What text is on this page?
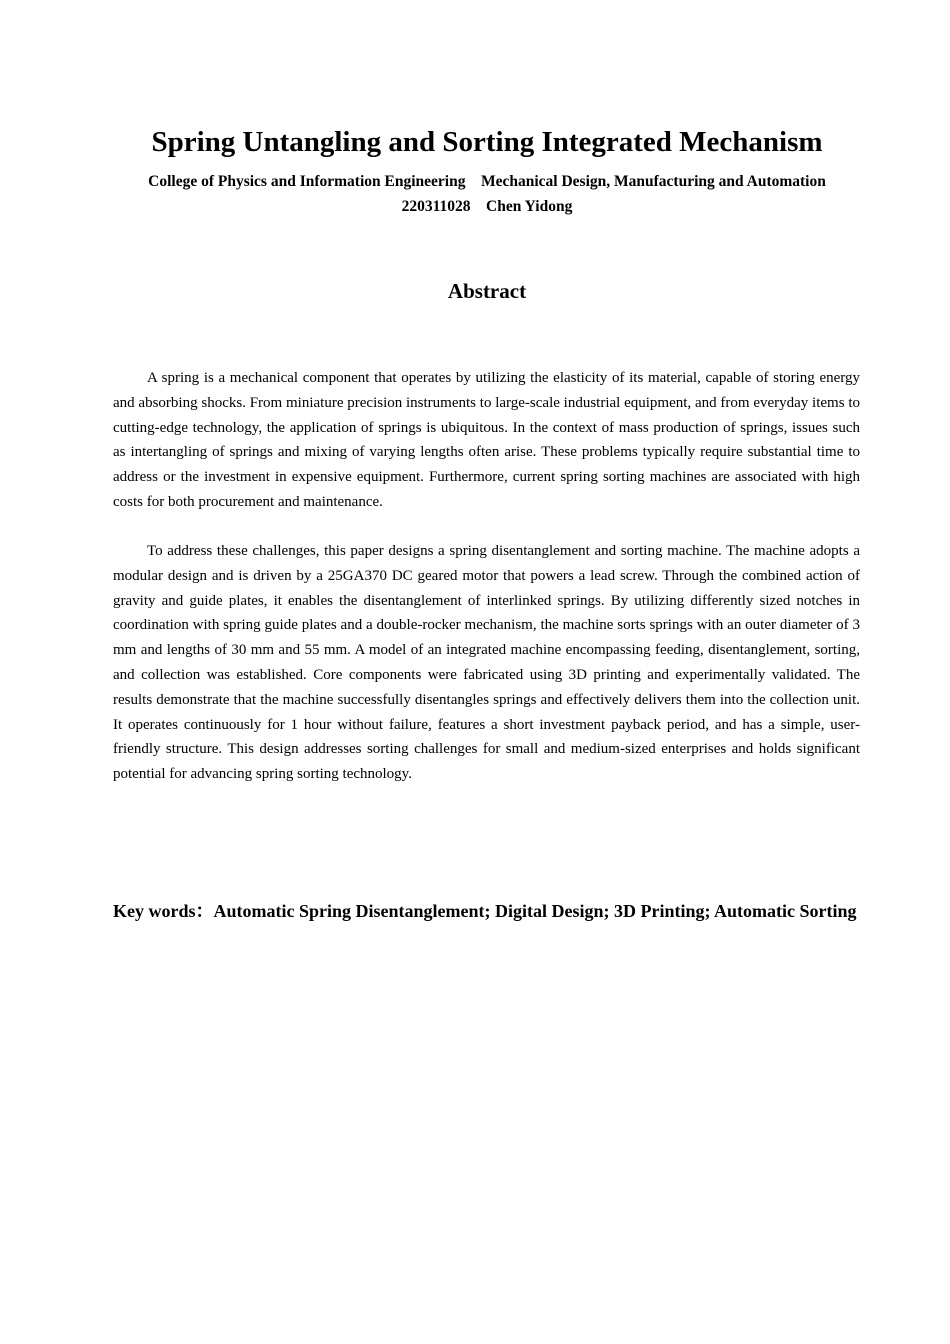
Spring Untangling and Sorting Integrated Mechanism
College of Physics and Information Engineering    Mechanical Design, Manufacturing and Automation
220311028    Chen Yidong
Abstract

A spring is a mechanical component that operates by utilizing the elasticity of its material, capable of storing energy and absorbing shocks. From miniature precision instruments to large-scale industrial equipment, and from everyday items to cutting-edge technology, the application of springs is ubiquitous. In the context of mass production of springs, issues such as intertangling of springs and mixing of varying lengths often arise. These problems typically require substantial time to address or the investment in expensive equipment. Furthermore, current spring sorting machines are associated with high costs for both procurement and maintenance.

To address these challenges, this paper designs a spring disentanglement and sorting machine. The machine adopts a modular design and is driven by a 25GA370 DC geared motor that powers a lead screw. Through the combined action of gravity and guide plates, it enables the disentanglement of interlinked springs. By utilizing differently sized notches in coordination with spring guide plates and a double-rocker mechanism, the machine sorts springs with an outer diameter of 3 mm and lengths of 30 mm and 55 mm. A model of an integrated machine encompassing feeding, disentanglement, sorting, and collection was established. Core components were fabricated using 3D printing and experimentally validated. The results demonstrate that the machine successfully disentangles springs and effectively delivers them into the collection unit. It operates continuously for 1 hour without failure, features a short investment payback period, and has a simple, user-friendly structure. This design addresses sorting challenges for small and medium-sized enterprises and holds significant potential for advancing spring sorting technology.

Key words：Automatic Spring Disentanglement; Digital Design; 3D Printing; Automatic Sorting
